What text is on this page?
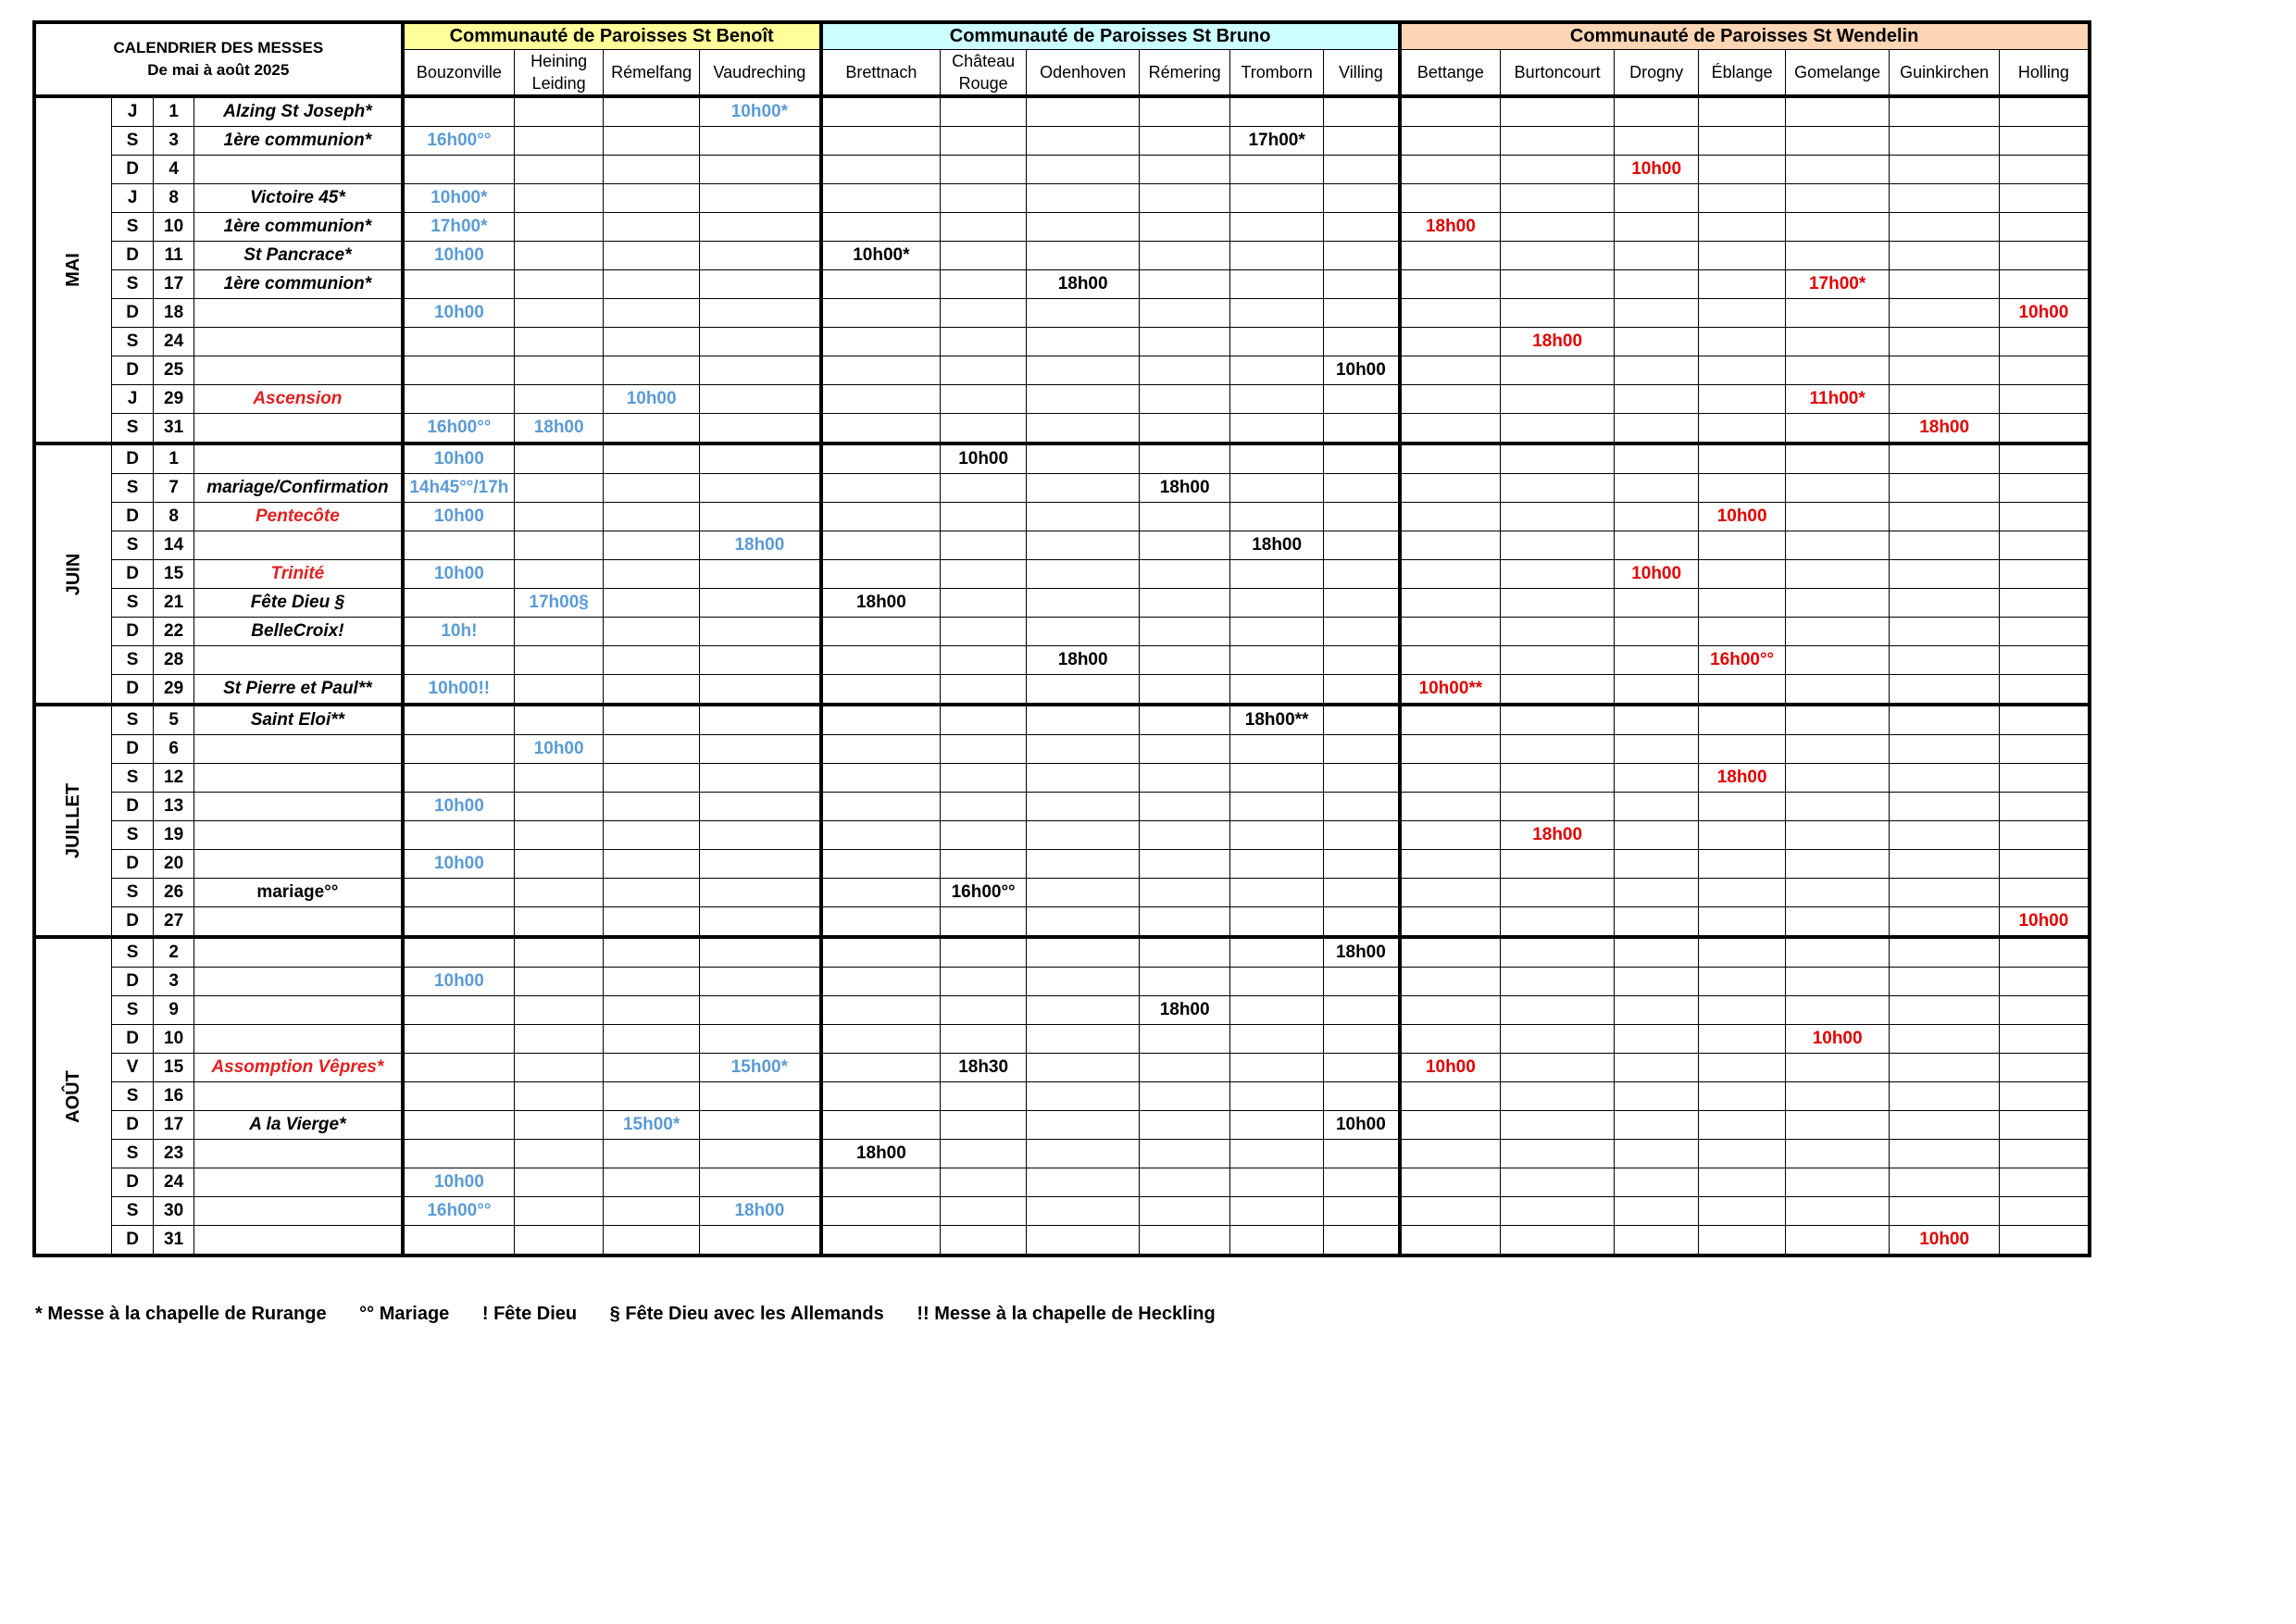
CALENDRIER DES MESSES
De mai à août 2025				Communauté de Paroisses St Benoît				Communauté de Paroisses St Bruno						Communauté de Paroisses St Wendelin						
				Bouzonville	Heining Leiding	Rémelfang	Vaudreching	Brettnach	Château Rouge	Odenhoven	Rémering	Tromborn	Villing	Bettange	Burtoncourt	Drogny	Éblange	Gomelange	Guinkirchen	Holling
MAI	J	1	Alzing St Joseph*				10h00*													
	S	3	1ère communion*	16h00°°								17h00*								
	D	4														10h00				
	J	8	Victoire 45*	10h00*																
	S	10	1ère communion*	17h00*										18h00						
	D	11	St Pancrace*	10h00				10h00*												
	S	17	1ère communion*							18h00								17h00*		
	D	18		10h00																10h00
	S	24													18h00					
	D	25											10h00							
	J	29	Ascension			10h00												11h00*		
	S	31		16h00°°	18h00														18h00	
JUIN	D	1		10h00					10h00											
	S	7	mariage/Confirmation	14h45°°/17h							18h00									
	D	8	Pentecôte	10h00													10h00			
	S	14					18h00					18h00								
	D	15	Trinité	10h00												10h00				
	S	21	Fête Dieu §		17h00§			18h00												
	D	22	BelleCroix!	10h!																
	S	28								18h00							16h00°°			
	D	29	St Pierre et Paul**	10h00!!										10h00**						
JUILLET	S	5	Saint Eloi**									18h00**								
	D	6			10h00															
	S	12															18h00			
	D	13		10h00																
	S	19													18h00					
	D	20		10h00																
	S	26	mariage°°						16h00°°											
	D	27																		10h00
AOÛT	S	2											18h00							
	D	3		10h00																
	S	9									18h00									
	D	10																10h00		
	V	15	Assomption Vêpres*				15h00*		18h30					10h00						
	S	16																		
	D	17	A la Vierge*			15h00*							10h00							
	S	23						18h00												
	D	24		10h00																
	S	30		16h00°°			18h00													
	D	31																	10h00	
* Messe à la chapelle de Rurange °° Mariage ! Fête Dieu § Fête Dieu avec les Allemands !! Messe à la chapelle de Heckling
